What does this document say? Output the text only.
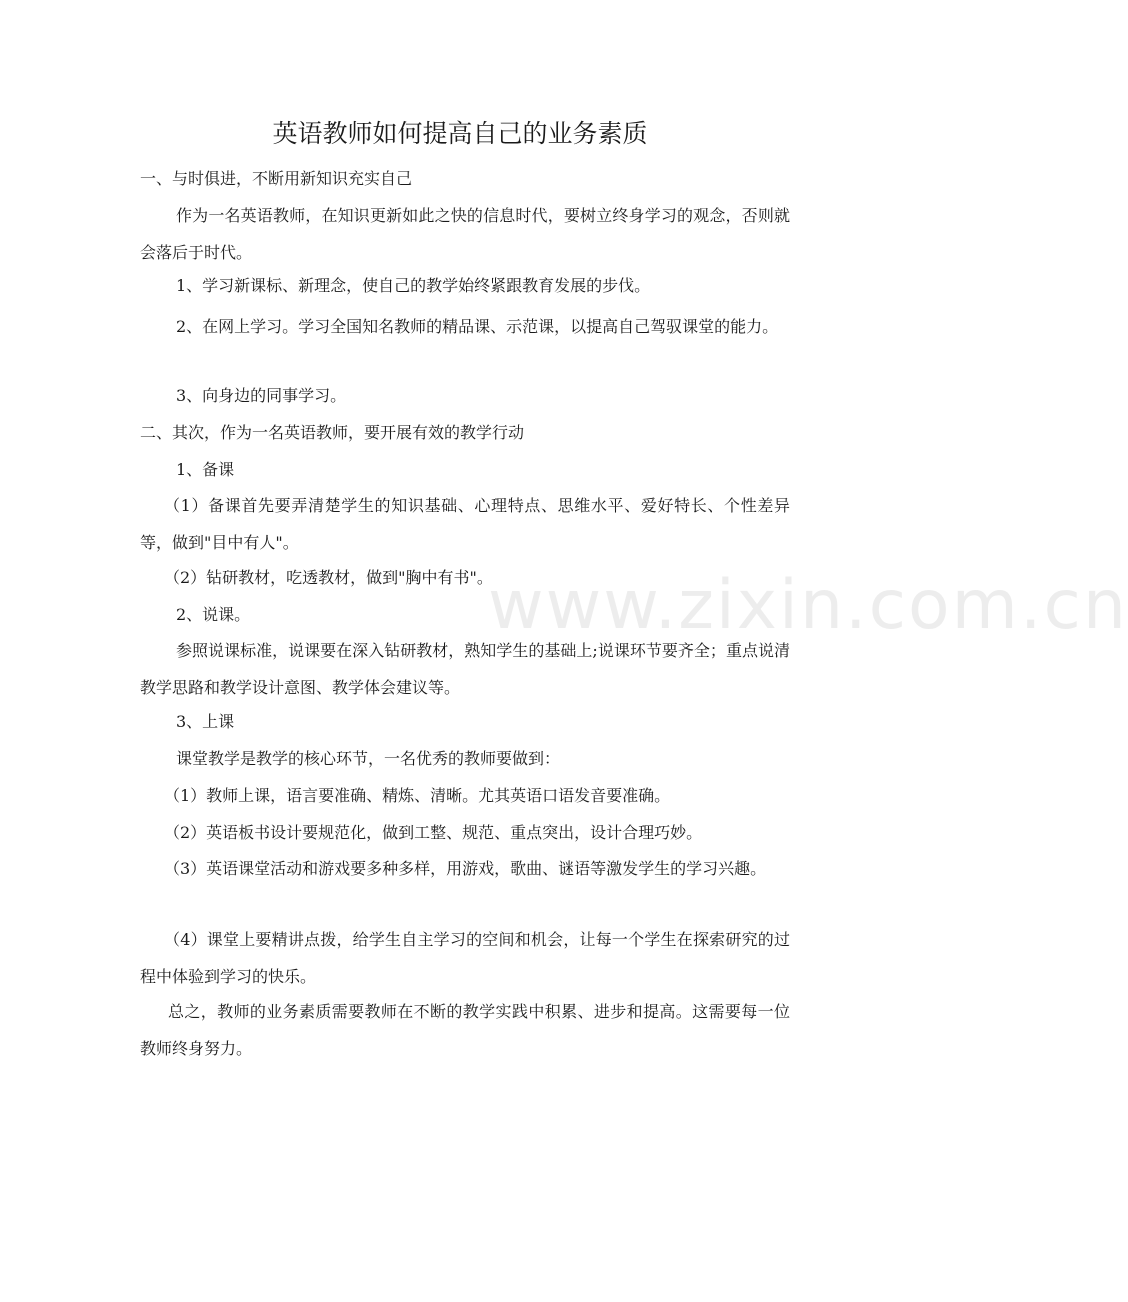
英语教师如何提高自己的业务素质

一、与时俱进，不断用新知识充实自己

作为一名英语教师，在知识更新如此之快的信息时代，要树立终身学习的观念，否则就会落后于时代。

1、学习新课标、新理念，使自己的教学始终紧跟教育发展的步伐。

2、在网上学习。学习全国知名教师的精品课、示范课，以提高自己驾驭课堂的能力。

3、向身边的同事学习。

二、其次，作为一名英语教师，要开展有效的教学行动

1、备课

（1）备课首先要弄清楚学生的知识基础、心理特点、思维水平、爱好特长、个性差异等，做到"目中有人"。

（2）钻研教材，吃透教材，做到"胸中有书"。

2、说课。

参照说课标准，说课要在深入钻研教材，熟知学生的基础上;说课环节要齐全；重点说清教学思路和教学设计意图、教学体会建议等。

3、上课

课堂教学是教学的核心环节，一名优秀的教师要做到：

（1）教师上课，语言要准确、精炼、清晰。尤其英语口语发音要准确。

（2）英语板书设计要规范化，做到工整、规范、重点突出，设计合理巧妙。

（3）英语课堂活动和游戏要多种多样，用游戏，歌曲、谜语等激发学生的学习兴趣。

（4）课堂上要精讲点拨，给学生自主学习的空间和机会，让每一个学生在探索研究的过程中体验到学习的快乐。

总之，教师的业务素质需要教师在不断的教学实践中积累、进步和提高。这需要每一位教师终身努力。

www.zixin.com.cn
